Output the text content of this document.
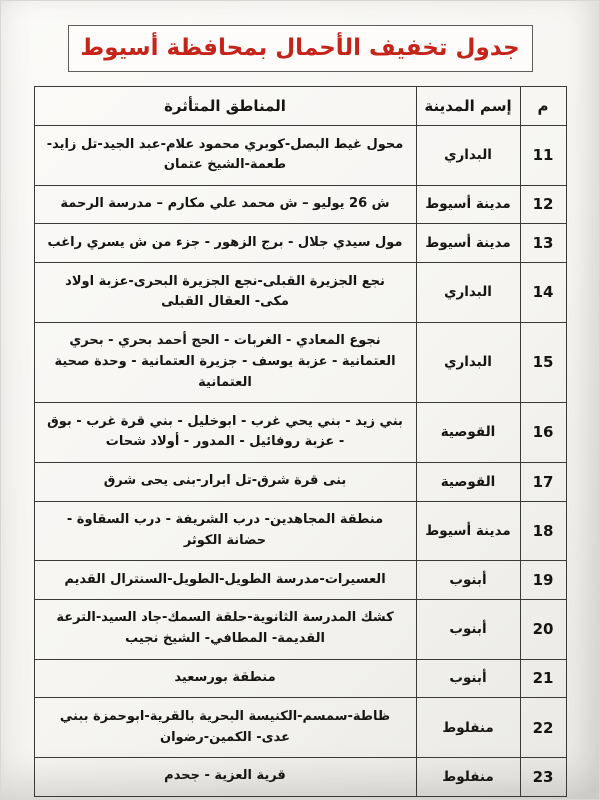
جدول تخفيف الأحمال بمحافظة أسيوط
م	إسم المدينة	المناطق المتأثرة
11	البداري	محول غيط البصل-كوبري محمود علام-عبد الجيد-تل زايد- طعمة-الشيخ عتمان
12	مدينة أسيوط	ش 26 يوليو – ش محمد علي مكارم – مدرسة الرحمة
13	مدينة أسيوط	مول سيدي جلال - برج الزهور - جزء من ش يسري راغب
14	البداري	نجع الجزيرة القبلى-نجع الجزيرة البحرى-عزبة اولاد مكى- العقال القبلى
15	البداري	نجوع المعادي - الغربات - الحج أحمد بحري - بحري العتمانية - عزبة يوسف - جزيرة العتمانية - وحدة صحية العتمانية
16	القوصية	بني زيد - بني يحي غرب - ابوخليل - بني قرة غرب - بوق - عزبة روفائيل - المدور - أولاد شحات
17	القوصية	بنى قرة شرق-تل ابرار-بنى يحى شرق
18	مدينة أسيوط	منطقة المجاهدين- درب الشريفة - درب السقاوة - حضانة الكوثر
19	أبنوب	العسيرات-مدرسة الطويل-الطويل-السنترال القديم
20	أبنوب	كشك المدرسة الثانوية-حلقة السمك-جاد السيد-الترعة القديمة- المطافي- الشيخ نجيب
21	أبنوب	منطقة بورسعيد
22	منفلوط	ظاطة-سمسم-الكنيسة البحرية بالقرية-ابوحمزة ببني عدى- الكمين-رضوان
23	منفلوط	قرية العزية - جحدم
